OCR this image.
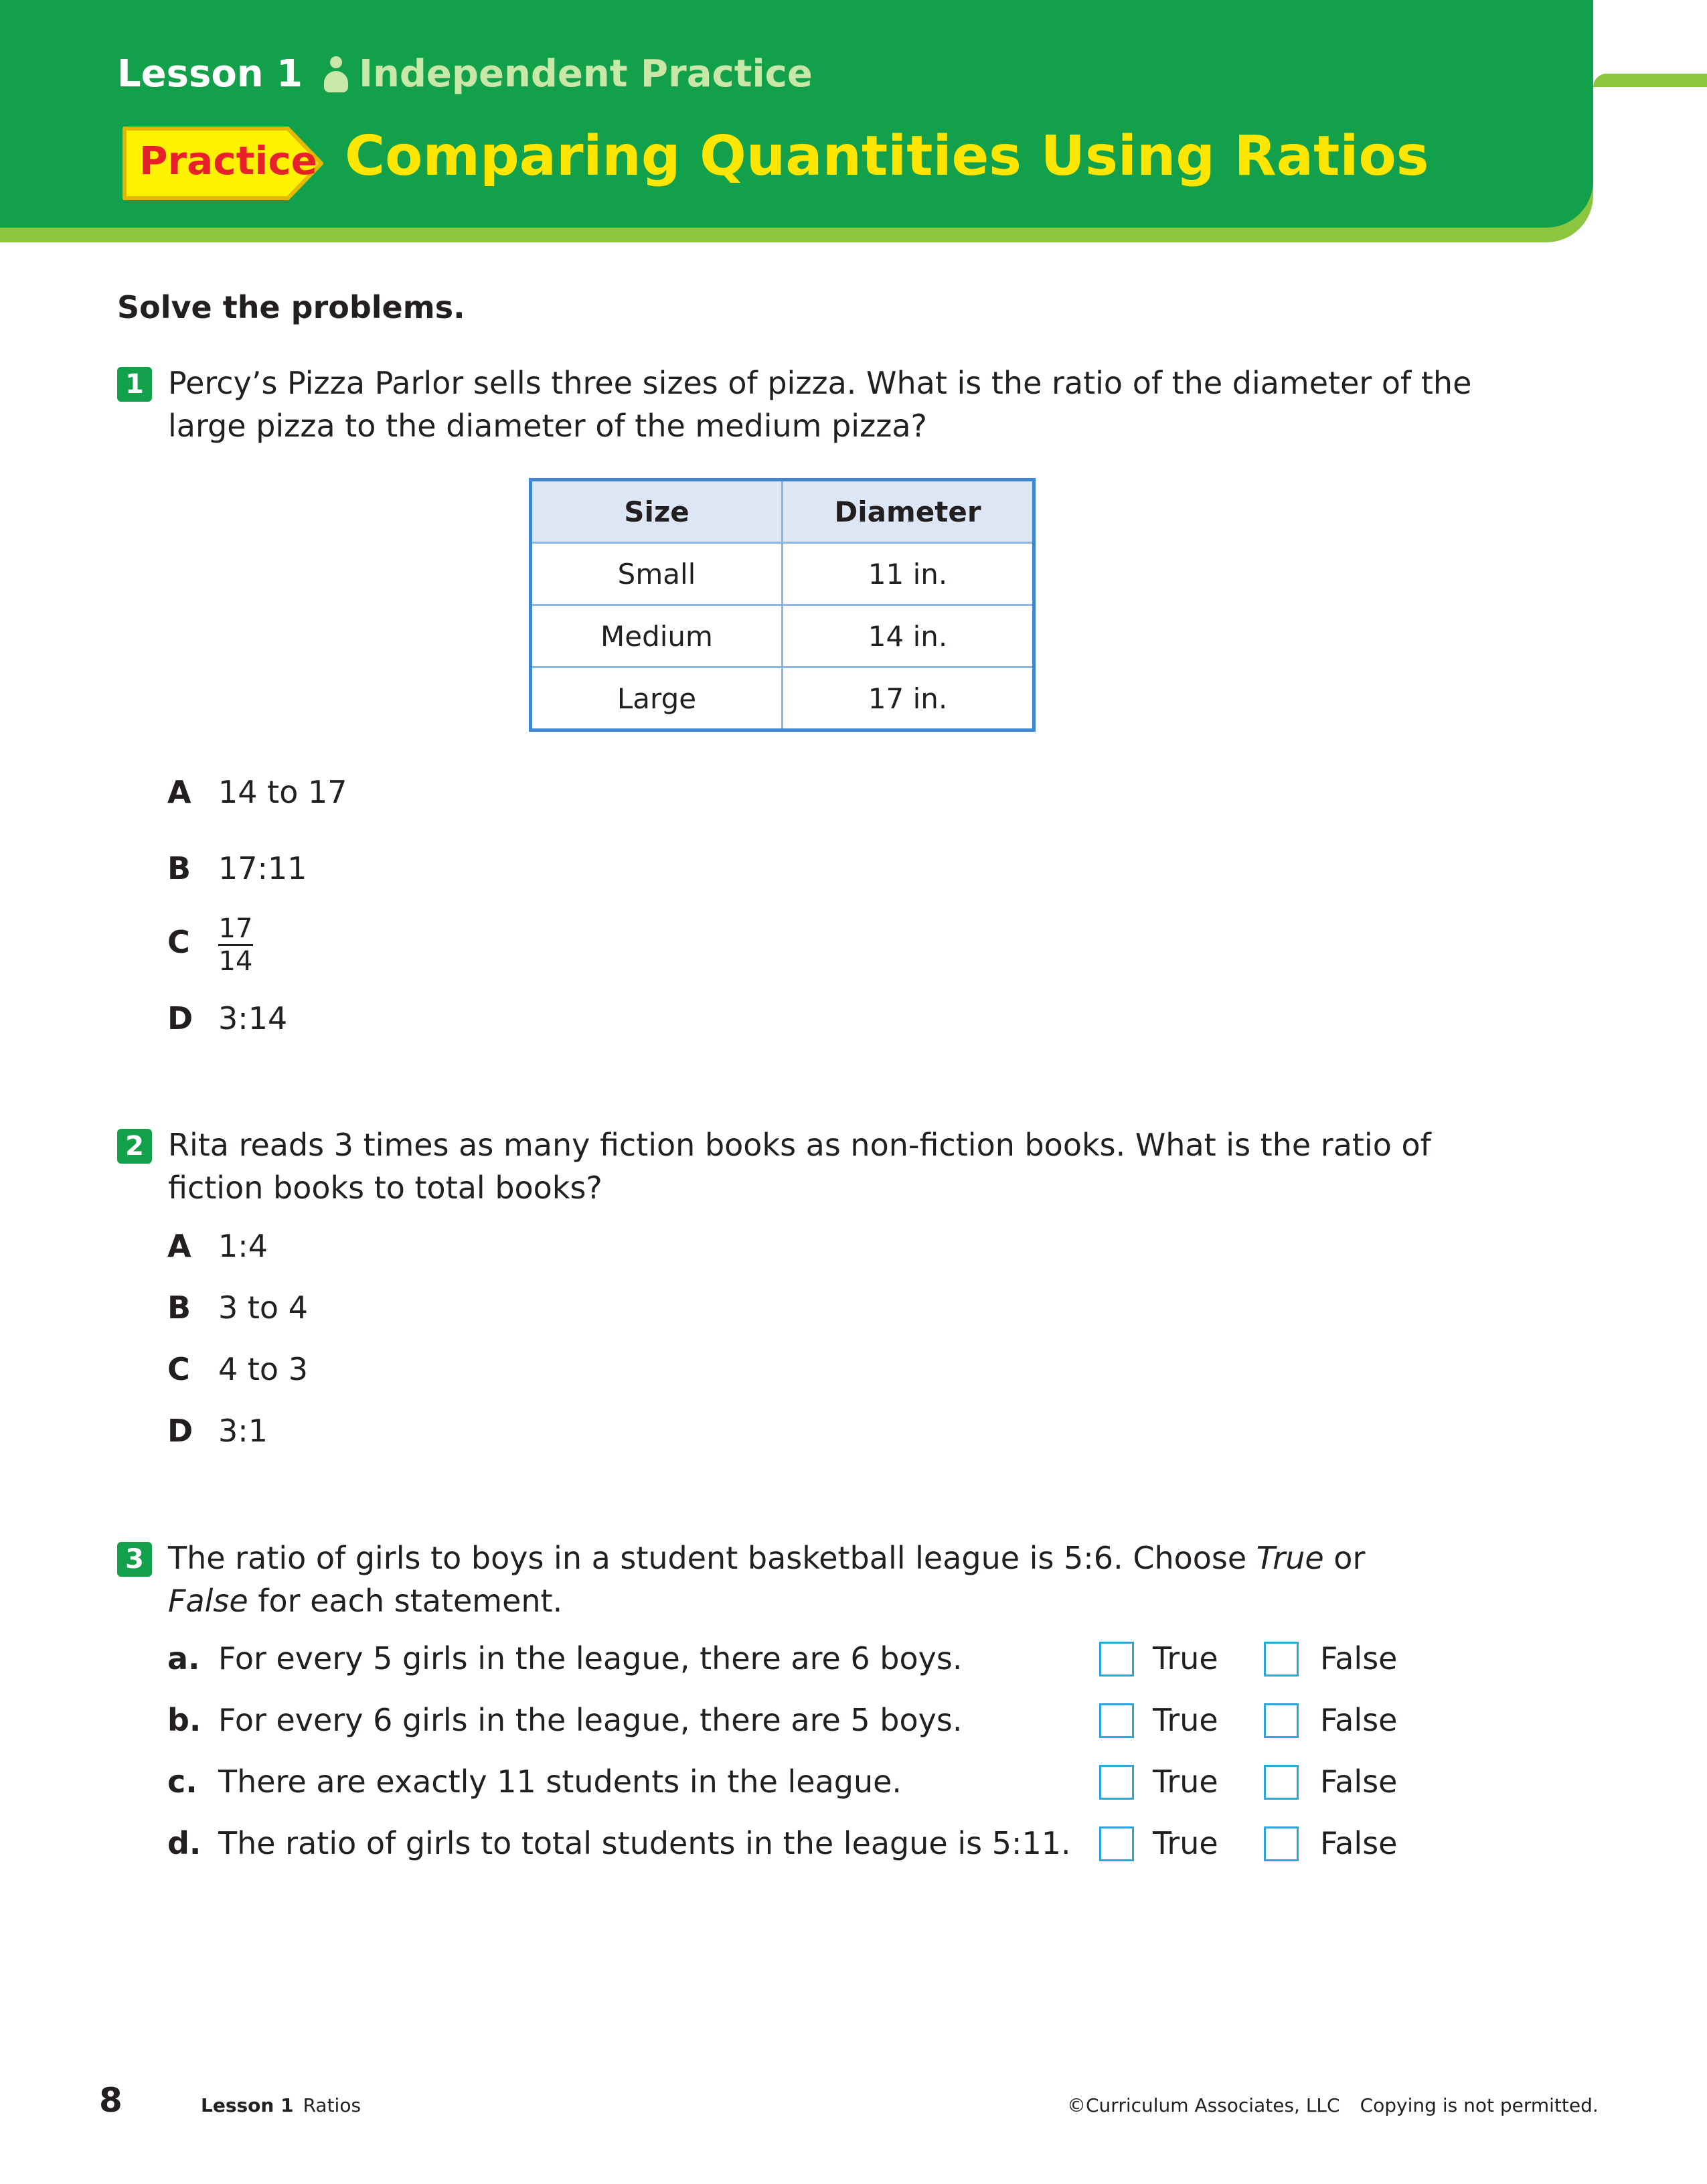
Lesson 1 Independent Practice
Practice Comparing Quantities Using Ratios
Solve the problems.
1 Percy’s Pizza Parlor sells three sizes of pizza. What is the ratio of the diameter of the large pizza to the diameter of the medium pizza?
Size	Diameter
Small	11 in.
Medium	14 in.
Large	17 in.
A 14 to 17
B 17:11
C	$\frac{17}{14}$
D 3:14
2 Rita reads 3 times as many fiction books as non-fiction books. What is the ratio of fiction books to total books?
A 1:4
B 3 to 4
C 4 to 3
D 3:1
3 The ratio of girls to boys in a student basketball league is 5:6. Choose True or False for each statement.
a. For every 5 girls in the league, there are 6 boys.	True	False
b. For every 6 girls in the league, there are 5 boys.	True	False
c. There are exactly 11 students in the league.	True	False
d. The ratio of girls to total students in the league is 5:11.	True	False
8	Lesson 1 Ratios	©Curriculum Associates, LLC Copying is not permitted.
